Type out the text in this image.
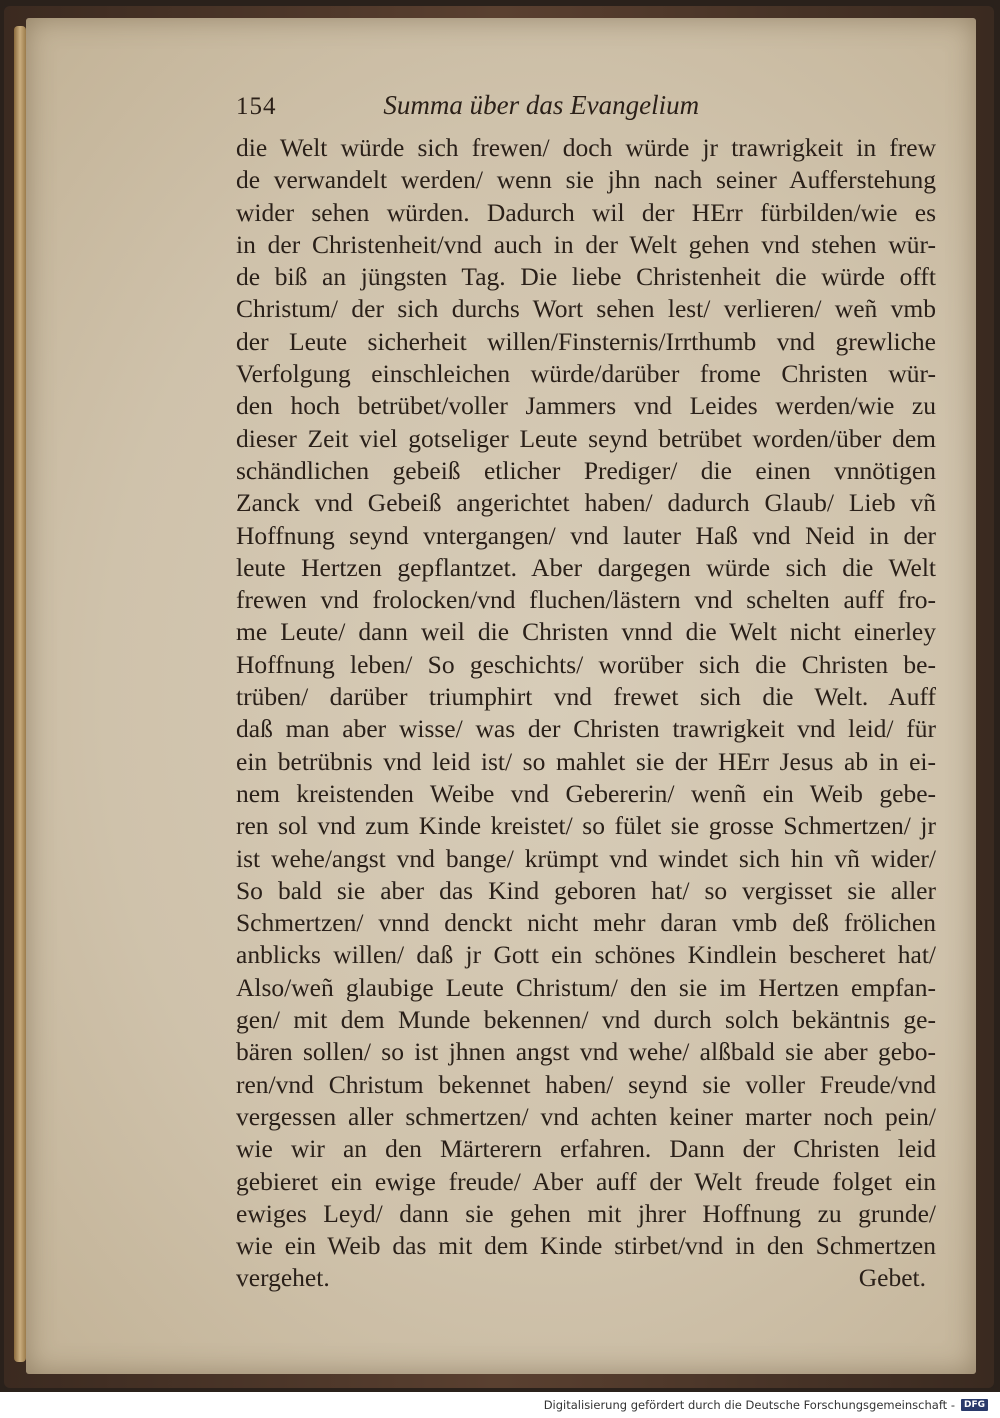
154	Summa über das Evangelium
die Welt würde sich frewen/ doch würde jr trawrigkeit in frew
de verwandelt werden/ wenn sie jhn nach seiner Aufferstehung
wider sehen würden. Dadurch wil der HErr fürbilden/wie es
in der Christenheit/vnd auch in der Welt gehen vnd stehen wür-
de biß an jüngsten Tag. Die liebe Christenheit die würde offt
Christum/ der sich durchs Wort sehen lest/ verlieren/ weñ vmb
der Leute sicherheit willen/Finsternis/Irrthumb vnd grewliche
Verfolgung einschleichen würde/darüber frome Christen wür-
den hoch betrübet/voller Jammers vnd Leides werden/wie zu
dieser Zeit viel gotseliger Leute seynd betrübet worden/über dem
schändlichen gebeiß etlicher Prediger/ die einen vnnötigen
Zanck vnd Gebeiß angerichtet haben/ dadurch Glaub/ Lieb vñ
Hoffnung seynd vntergangen/ vnd lauter Haß vnd Neid in der
leute Hertzen gepflantzet. Aber dargegen würde sich die Welt
frewen vnd frolocken/vnd fluchen/lästern vnd schelten auff fro-
me Leute/ dann weil die Christen vnnd die Welt nicht einerley
Hoffnung leben/ So geschichts/ worüber sich die Christen be-
trüben/ darüber triumphirt vnd frewet sich die Welt. Auff
daß man aber wisse/ was der Christen trawrigkeit vnd leid/ für
ein betrübnis vnd leid ist/ so mahlet sie der HErr Jesus ab in ei-
nem kreistenden Weibe vnd Gebererin/ wenñ ein Weib gebe-
ren sol vnd zum Kinde kreistet/ so fület sie grosse Schmertzen/ jr
ist wehe/angst vnd bange/ krümpt vnd windet sich hin vñ wider/
So bald sie aber das Kind geboren hat/ so vergisset sie aller
Schmertzen/ vnnd denckt nicht mehr daran vmb deß frölichen
anblicks willen/ daß jr Gott ein schönes Kindlein bescheret hat/
Also/weñ glaubige Leute Christum/ den sie im Hertzen empfan-
gen/ mit dem Munde bekennen/ vnd durch solch bekäntnis ge-
bären sollen/ so ist jhnen angst vnd wehe/ alßbald sie aber gebo-
ren/vnd Christum bekennet haben/ seynd sie voller Freude/vnd
vergessen aller schmertzen/ vnd achten keiner marter noch pein/
wie wir an den Märterern erfahren. Dann der Christen leid
gebieret ein ewige freude/ Aber auff der Welt freude folget ein
ewiges Leyd/ dann sie gehen mit jhrer Hoffnung zu grunde/
wie ein Weib das mit dem Kinde stirbet/vnd in den Schmertzen
vergehet.	Gebet.
Digitalisierung gefördert durch die Deutsche Forschungsgemeinschaft -	DFG
